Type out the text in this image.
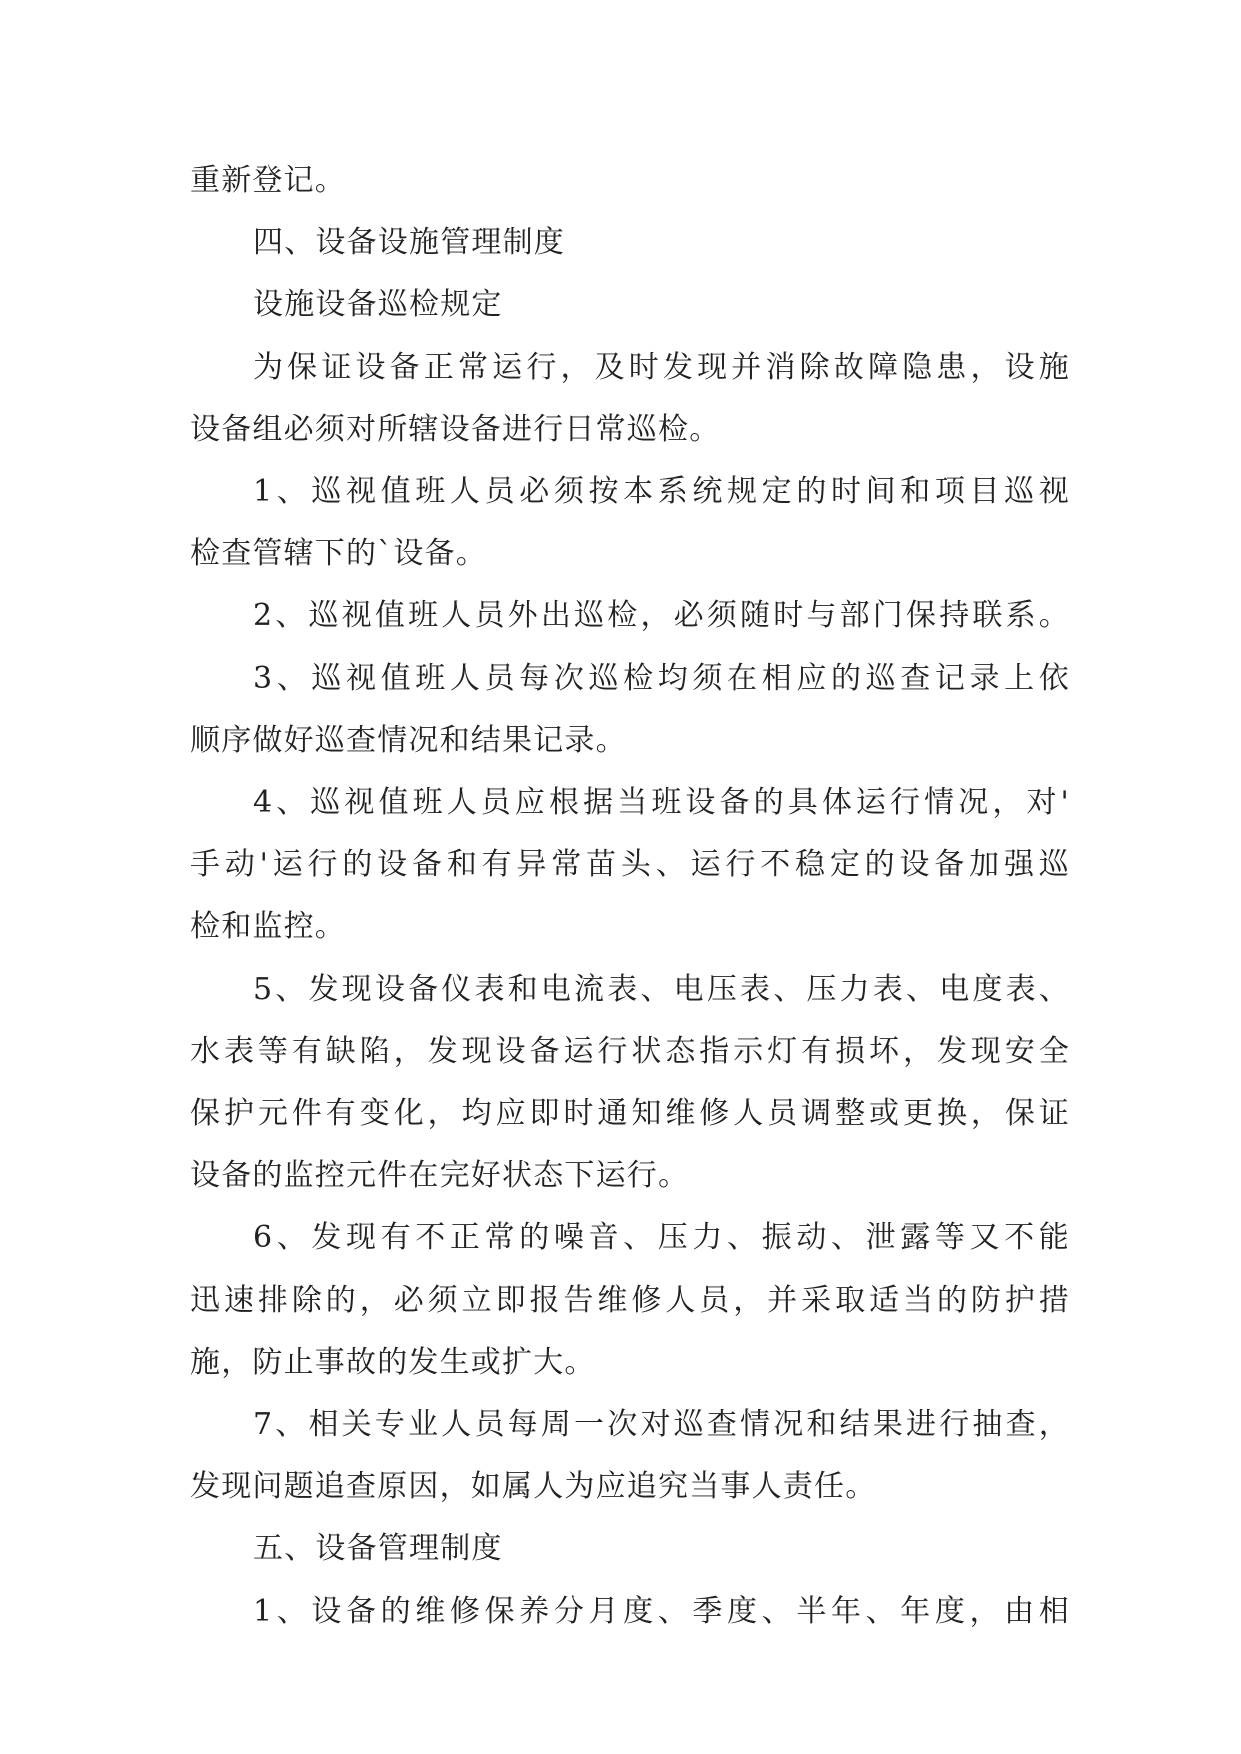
重新登记。

四、设备设施管理制度

设施设备巡检规定

为保证设备正常运行，及时发现并消除故障隐患，设施

设备组必须对所辖设备进行日常巡检。

1、巡视值班人员必须按本系统规定的时间和项目巡视

检查管辖下的`设备。

2、巡视值班人员外出巡检，必须随时与部门保持联系。

3、巡视值班人员每次巡检均须在相应的巡查记录上依

顺序做好巡查情况和结果记录。

4、巡视值班人员应根据当班设备的具体运行情况，对'

手动'运行的设备和有异常苗头、运行不稳定的设备加强巡

检和监控。

5、发现设备仪表和电流表、电压表、压力表、电度表、

水表等有缺陷，发现设备运行状态指示灯有损坏，发现安全

保护元件有变化，均应即时通知维修人员调整或更换，保证

设备的监控元件在完好状态下运行。

6、发现有不正常的噪音、压力、振动、泄露等又不能

迅速排除的，必须立即报告维修人员，并采取适当的防护措

施，防止事故的发生或扩大。

7、相关专业人员每周一次对巡查情况和结果进行抽查，

发现问题追查原因，如属人为应追究当事人责任。

五、设备管理制度

1、设备的维修保养分月度、季度、半年、年度，由相
